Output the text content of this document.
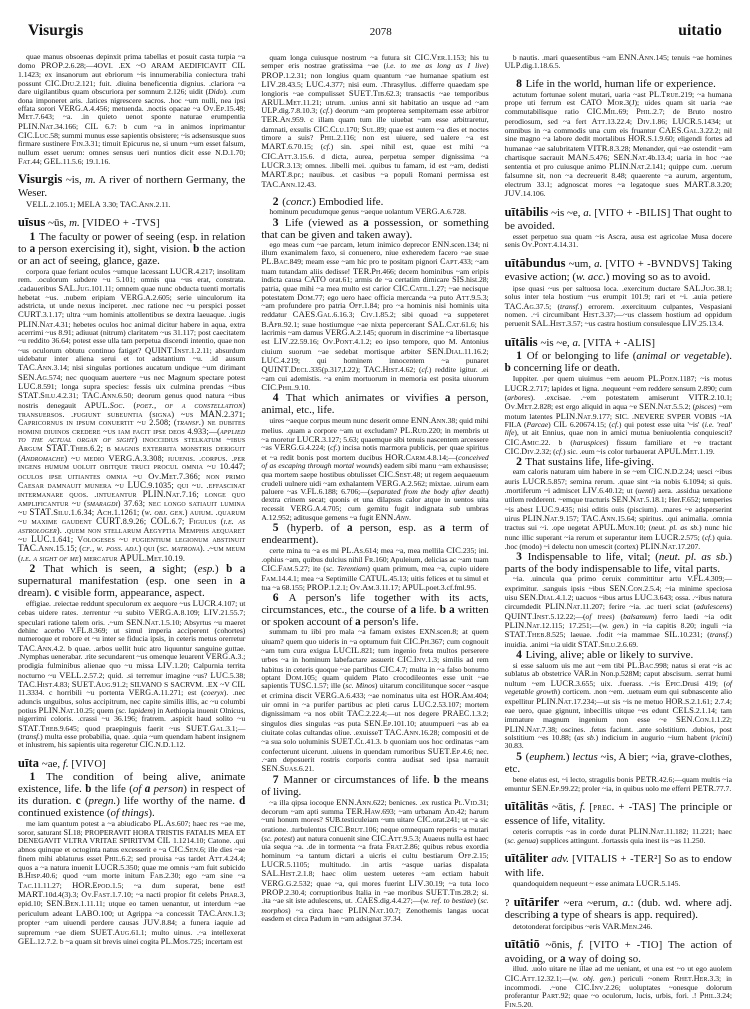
Visurgis	2078	uitatio

quae manus obsoenas depinxit prima tabellas et posuit casta turpia ~a domo PROP.2.6.28;—4OVI. .EX ~O ARAM AEDIFICAVIT CIL 1.1423; ex insanorum aut ebriorum ~is innumerabilia coniectura trahi possunt CIC.Diu.2.121; fuit. .diuina beneficentia dignius. .clariora ~a dare uigilantibus quam obscuriora per somnum 2.126; uidit (Dido). .cum dona imponeret aris. .latices nigrescere sacros. .hoc ~um nulli, nea ipsi effata sorori VERG.A.4.456; metuenda. .noctis opacae ~a Ov.Ep.15.48; Met.7.643; ~a. .in quieto uenot sponte naturae erumpentia PLIN.Nat.34.166; CIL 6.7: b cum ~a in animos inprimantur CIC.Luc.58; summi munus esse sapientis obsistere; ~is adsensusque suos firmare sustinere Fin.3.31; timuit Epicurus ne, si unum ~um esset falsum, nullum esset uerum: omnes sensus ueri nuntios dicit esse N.D.1.70; Fat.44; GEL.11.5.6; 19.1.16.

Visurgis ~is, m. A river of northern Germany, the Weser.

VELL.2.105.1; MELA 3.30; TAC.Ann.2.11.

uīsus ~ūs, m. [VIDEO + -TVS]

1 The faculty or power of seeing (esp. in relation to a person exercising it), sight, vision. b the action or an act of seeing, glance, gaze.

corpora quae feriant oculos ~umque lacessant LUCR.4.217; insolitam rem. .oculorum subdere ~u 5.101; omnis qua ~us erat, constrata. .cadaueribus SAL.Jug.101.11; omnem quae nunc obducta tuenti mortalis hebetat ~us. .nubem eripiam VERG.A.2.605; serie uinculorum ita adstricta, ut unde nexus inciperet. .nec ratione nec ~u perspici posset CURT.3.1.17; ultra ~um hominis attollentibus se dextra laeuaque. .iugis PLIN.Nat.4.31; hebetes oculos hoc animal dicitur habere in aqua, extra acerrimi ~us 8.91; adiuuat (nitrum) claritatem ~us 31.117; post caecitatem ~u reddito 36.64; potest esse ulla tam perpetua discendi intentio, quae non ~us oculorum obtutu continuo fatiget? QUINT.Inst.1.2.11; absurdum uidebatur inter aliena serui et tot adstantium ~u. .id ausum TAC.Ann.3.14; nisi singulas portiones aucatum undique ~um dirimant SEN.Ag.574; nec quoquam auertere ~us nec Magnum spectare potest LUC.8.591; longa supra species: fessis uix culmina prendas ~ibus STAT.Silu.4.2.31; TAC.Ann.6.50; deorum genus quod natura ~ibus nostris denegauit APUL.Soc. (poet., of a constellation) transuersos. .fugiunt subeuntia (signa) ~us MAN.2.371; Capricornus in ipsum conuertit ~u 2.508; (transf.) ne dubites homini diuinos credere ~us iam facit ipse deos 4.933;—(applied to the actual organ of sight) inoccidius stelkatum ~ibus Argum STAT.Theb.6.2; b magnis exterrita monstris deriguit (Andromache) ~u medio VERG.A.3.308; iuuenis. .corpus. .per ingens humum uoluit obitque truci procul omnia ~u 10.447; oculos ipse uitiantes omnia ~u Ov.Met.7.366; non primo Caesar damnauit munera ~u LUC.9.1035; qui ~u. .effascinat intermanare quos. .intueantur PLIN.Nat.7.16; longe quo amplificantur ~u (smaragdi) 37.63; nec longo satiauit lumina ~u STAT.Silu.1.6.34; Ach.1.1261; (w. obj. gen.) auium. .quarum ~u maxime gaudent CURT.8.9.26; COL.6.7; Figulus (i.e. as astrologer). .quem non stellarum Aegyptia Memphis aequaret ~u LUC.1.641; Vologeses ~u fugientium legionum abstinuit TAC.Ann.15.15; (cf., w. poss. adj.) qui (sc. matrona). .~um meum (i.e. a sight of me) mercatur APUL.Met.10.19.

2 That which is seen, a sight; (esp.) b a supernatural manifestation (esp. one seen in a dream). c visible form, appearance, aspect.

effigiae. .reiectae reddunt speculorum ex aequore ~us LUCR.4.107; ut cebas uidere rates. .terrentur ~u subito VERG.A.8.109; LIV.21.55.7; speculari ratione talem oris. .~um SEN.Nat.1.5.10; Absyrtus ~u maeret dehinc acerbo V.FL.8.369; ut simul imperia acciperent (cohortes) numeroque et robore et ~u inter se fiducia ipsis, in ceteris metus orerretur TAC.Ann.4.2. b quae. .arbos uellit huic atro liquuntur sanguine guttae. .Nymphas uenerabar. .rite secundarent ~us omenque leuarent VERG.A.3.; prodigia fulminibus alienae quo ~u missa LIV.1.20; Calpurnia territa nocturno ~u VELL.2.57.2; quid. .si terremur imagine ~us? LUC.5.38; TAC.Hist.4.83; SUET.Aug.91.2; SILVANO S SACRVM. .EX ~V CIL 11.3334. c horribili ~u portenta VERG.A.11.271; est (coeryx). .nec aduncis unguibus, solus accipitrum, nec capite similis illis, ac ~u columbi potius PLIN.Nat.10.25; quem (sc. lapidem) in Aethiopia inuenit Olnicus, nigerrimi coloris. .crassi ~u 36.196; fratrem. .aspicit haud solito ~u STAT.Theb.9.645; quod praepinguis faerit ~us SUET.Gal.3.1;—(transf.) multa esse probabilia, quae. .quia ~um quendam habent insignem et inlustrem, his sapientis uita regeretur CIC.N.D.1.12.

uīta ~ae, f. [VIVO]

1 The condition of being alive, animate existence, life. b the life (of a person) in respect of its duration. c (pregn.) life worthy of the name. d continued existence (of things).

me iam quantum potest a ~a abiudicabo PL.As.607; haec res ~ae me, soror, saturant SI.18; PROPERAVIT HORA TRISTIS FATALIS MEA ET DENEGAVIT VLTRA VRITAE SPIRITVM CIL 1.1214.10; Catone. .qui abnos quinque et octoginta natus excesserit e ~a CIC.Sen.6; ille dies ~ae finem mihi ablaturus esset Phil.6.2; sed prouisa ~as tardet Att.4.24.4; quos a ~a natura inuenit LUCR.5.350; quae me omnis ~am fuit subicido B.Hisp.40.6; quod ~um morte initum Fab.2.30; ego ~am sine ~a Tac.11.11.27; HOR.Epod.1.5; ~a dum superat, bene est! MART.10d.4(3).3; Ov.Fast.1.7.10; ~a nacti propior fit celebs Phar.3, epid.10; SEN.Ben.1.11.11; utque eo tamen uenantur, ut interdum ~ae periculum adeant LABO.100; ut Agrippa ~a concessit TAC.Ann.1.3; propter ~am uiuendi perdere causas JUV.8.84; a funera iaquie ad supremum ~ae diem SUET.Aug.61.1; multo uinus. .~a intellexerat GEL.12.7.2. b ~a quam sit brevis uinei cogita PL.Mos.725; incertam est

quam longa cuiusque nostrum ~a futura sit CIC.Ver.1.153; his tu semper eris nostrae gratissima ~ae (i.e. to me as long as I live) PROP.1.2.31; non longius quam quantum ~ae humanae spatium est LIV.28.43.5; LUC.4.377; nisi eum. .Thrasyllus. .differre quaedam spe longioris ~ae compulisset SUET.Tib.62.3; transactis ~ae temporibus ARUL.Met.11.21; utrum. .unius anni sit habitatio an usque ad ~am ULP.dig.7.8.10.3; (cf.) deorum ~am propterea sempiternam esse arbitror TER.An.959. c illam quam tum ille uiuebat ~am esse arbitraretur, damnati, exsulis CIC.Clu.170; Sul.89; quae est autem ~a dies et noctes timore a suis? Phil.2.116; non est uiuere, sed ualere ~a est MART.6.70.15; (cf.) sin. .spei nihil est, quae est mihi ~a CIC.Att.3.15.6. d dicta, aurea, perpetua semper dignissima ~a LUCR.3.13; omnes. .libelli mei. .quibus tu famam, id est ~am, dedisti MART.8.pr.; nauibus. .et casibus ~a populi Romani permissa est TAC.Ann.12.43.

2 (concr.) Embodied life.

hominum pecudumque genus ~aeque uolantum VERG.A.6.728.

3 Life (viewed as a possession, or something that can be given and taken away).

ego meas cum ~ae parcam, letum inimico deprecor ENN.scen.134; ni illum exanimalem faxo, si conuenero, niue exheredem facero ~ae suae PL.Bac.849; meam esse ~am hic pro te positam pignori Capt.433; ~am tuam tutandam aliis dedisse! TER.Ph.466; decem hominibus ~am eripis indicta causa CATO orat.61; armis de ~a certatim dimicare SIS.hist.28; patria, quae mihi ~a mea multo est carior CIC.Catil.1.27; ~ae necisque potestatem Dom.77; ego uero haec officia mercanda ~a puto Att.9.5.3; ~am profundere pro patria Off.1.84; pro ~a hominis nisi hominis uita reddatur CAES.Gal.6.16.3; Civ.1.85.2; sibi quoad ~a suppeteret B.Afr.92.1; suae hostiumque ~ae nixta pepercerant SAL.Cat.61.6; his lacrimis ~am damus VERG.A.2.145; quorum in discrimine ~a libertasque est LIV.22.59.16; Ov.Pont.4.1.2; eo ipso tempore, quo M. Antonius ciuium suorum ~ae sedebat mortisque arbiter SEN.Dial.11.16.2; LUC.4.219; qui hominem innocentem ~a punaret QUINT.Decl.335(p.317,L22); TAC.Hist.4.62; (cf.) reddite igitur. .ei ~am cui ademistis. ~a enim mortuorum in memoria est posita uiuorum CIC.Phil.9.10.

4 That which animates or vivifies a person, animal, etc., life.

uires ~aeque corpus meum nunc deserit omne ENN.Ann.38; quid mihi melius. .quam a corpore ~am ut excludam? PL.Rud.220; in membris ut ~a moretur LUCR.3.127; 5.63; quaemque sibi tenuis nascentem arcessere ~as VERG.G.4.224; (cf.) incisa notis marmora publicis, per quae spiritus et ~a redit bonis post mortem ducibus HOR.Carm.4.8.14;—(conceived of as escaping through mortal wounds) eadem sibi manu ~am exhausisse; qua mortem saepe hostibus obtulisset CIC.Sest.48; ut regem aequaeuum crudeli uulnere uidi ~am exhalantem VERG.A.2.562; mixtae. .uirum eam paluere ~as V.FL.6.188; 6.706;—(separated from the body after death) dextra crinem secat; quonis et una dilapsus calor atque in uentos uita recessit VERG.A.4.705; cum gemitu fugit indignata sub umbras A.12.952; aditusque gemens ~a fugit ENN.Ann.

5 (hyperb. of a person, esp. as a term of endearment).

certe mina tu ~a es mi PL.As.614; mea ~a, mea mellila CIC.235; ini. .ophius ~am, quibus dulcius nihil Fr.160; Apuleium, delicias ac ~am tuam CIC.Fam.5.27; ite (sc. Terentiam) quam primum, mea ~a, cupio uidere Fam.14.4.1; mea ~a Septimille CATUL.45.13; uitis felices et tu simul et tua ~a 68.155; PROP.1.2.1; Ov.Am.3.11.17; APUL.poet.3.cf.fml.95.

6 A person's life together with its acts, circumstances, etc., the course of a life. b a written or spoken account of a person's life.

summam tu iibi pro mala ~a famam existes EXN.scen.8; at quem uiuam? quem quo uideris in ~a optumum fuit CIC.Ph.367; cum cognouit ~am tum cura exigua LUCIL.821; tum ingenio freta multos perserere urbes ~a in hominum labefactare assuerit CIC.Inv.1.3; similis ad rem habitus in ceteris quoque ~ae partibus CIC.4.7; multa in ~a falso bonumo optant Dom.105; quam quidem Plato crocodileontes esse unit ~ae sapientis TUSC.1.57; ille (sc. Minos) uitarum concilitunque socer ~asque et crimina discit VERG.A.6.433; ~ae nominatus uita est HOR.Am.404; uir omni in ~a purifer partibus ac pleti carus LUC.2.53.107; mortem dignissimam ~a nos obiit TAC.2.22.4;—ut nos degere PRAEC.1.3.2; singulos dies singulas ~as puta SEN.Ep.101.10; atuumpueri ~as ab ea ciuitate colas cultandas oliue. .exuisseT TAC.Ann.16.28; compositi et de ~a sua solo uoluminis SUET.Cl.41.3. b quoniam uos hoc ordinatas ~am confecterunt uicerunt. .uiuens in quendam rumoribus SUET.Ep.4.6; nec. .~am deposuerit rostris corporis contra audisat sed ipsa narrauit SEN.Suas.6.21.

7 Manner or circumstances of life. b the means of living.

~a illa qipsa iocoque ENN.Ann.622; benicnes. .ex rustica Pl.Vid.31; decorum ~am apti summa TER.Haw.693; ~am urbanam Ad.42; harum ~uni honum mores? SUB.testiculeiam ~um uitare CIC.orat.241; ut ~a sic oratione. .turbulentus CIC.Brut.106; neque omnequam reperis ~a mutari (sc. potest) aut natura conuenit sine CIC.Att.9.5.3; Auaeus nulla est haec uia sequa ~a. .de in tormenta ~a frata Frat.2.86; quibus rebus exordia hominum ~a tantum dictari a uicris ei cultu bestiarum Off.2.15; LUCR.5.1105; multitudo. .in artis ~asque uarias dispalata SAL.Hist.2.1.8; haec olim uestem ueteres ~am ectiam habuit VERG.G.2.532; quae ~a, qui mores fuerint LIV.30.19; ~a tuta loco PROP.2.30.4; corruptioribus Italia in ~ae moribus SUET.Tib.28.2; si. .ita ~ae sit iste adulescens, ut. .CAES.dig.4.4.27;—(w. ref. to bestiae) (sc. morphos) ~a circa haec PLIN.Nat.10.7; Zenothemis langas uocat easdem et circa Padum in ~am adsignat 37.34.

b nautis. .mari quaesentibus ~am ENN.Ann.145; tenuis ~ae homines ULP.dig.1.18.6.5.

8 Life in the world, human life or experience.

actutum fortunae solent mutari, uaria ~ast PL.True.219; ~a humana prope uti ferrum est CATO Mor.3(J); uides quam sit uaria ~ae commutabilisque ratio CIC.Mil.69; Phil.2.7; de Bruto nostro perodiosum, sed ~a fert Att.13.22.4; Div.1.86; LUCR.5.1434; ut omnibus in ~a commodis una cum eis fruantur CAES.Gal.3.22.2; nil sine magno ~a labore dedit mortalibus HOR.S.1.9.60; eligendi fortes ad humanae ~ae salubritatem VITR.8.3.28; Menander, qui ~ae ostendit ~am chartisque sacrauit MAN.5.476; SEN.Nat.4b.13.4; uaria in hoc ~ae sententia et pro cuiusque animo PLIN.Nat.2.141; quippe cum. .uerum falsumne sit, non ~a decreuerit 8.48; quaerente ~a aurum, argentum, electrum 33.1; adgnoscat mores ~a legatoque sues MART.8.3.20; JUV.14.106.

uītābilis ~is ~e, a. [VITO + -BILIS] That ought to be avoided.

esset perpetuo sua quam ~is Ascra, ausa est agricolae Musa docere senis Ov.Pont.4.14.31.

uītābundus ~um, a. [VITO + -BVNDVS] Taking evasive action; (w. acc.) moving so as to avoid.

ipse quasi ~us per saltuosa loca. .exercitum ductare SAL.Jug.38.1; solus inter tela hostium ~us erumpit 101.9; rari et ~i. .auia petiere TAC.Ag.37.5; (transf.) errorem. .exercituum culpantes, Vespasiani nomen. .~i circumibant Hist.3.37;—~us classem hostium ad oppidum peruenit SAL.Hist.3.57; ~us castra hostium consulesque LIV.25.13.4.

uītālis ~is ~e, a. [VITA + -ALIS]

1 Of or belonging to life (animal or vegetable). b concerning life or death.

Iuppiter. .per quem uiuimus ~em aeuom PL.Poen.1187; ~is motus LUCR.2.717; lapides et ligna. .nequeunt ~em reddere sensum 2.890; cum (arbores). .excisae. .~em potestatem amiserunt VITR.2.10.1; Ov.Met.2.828; est ergo aliquid in aqua ~e SEN.Nat.5.5.2; (pisces) ~em motum latentes PLIN.Nat.9.177; SIC. .NEVERE SVPER VOBIS ~IA FILA (Parcae) CIL 6.20674.15; (cf.) qui potest esse uita '~is' (i.e. 'real' life), ut ait Ennius, quae non in amici mutua beniuolentia conquiescit? CIC.Amic.22. b (haruspices) fissum familiare et ~e tractant CIC.Div.2.32; (cf.) sic. .eum ~is color turbauerat APUL.Met.1.19.

2 That sustains life, life-giving.

eam caloris naturam uim habere in se ~em CIC.N.D.2.24; uesci ~ibus auris LUCR.5.857; semina rerum. .quae sint ~ia nobis 6.1094; si quis. .mortiferum ~i admiscet LIV.6.40.12; ut (uenti) aera. .assidua uexatione utilem redderent. ~emque tracturis SEN.Nat.5.18.1; Her.F.652; temperies ~is abest LUC.9.435; nisi editis ouis (piscium). .mares ~e adsperserint uirus PLIN.Nat.9.157; TAC.Ann.15.64; spiritus. .qui animalia. .omnia tractus sui ~i. .ope uegetat APUL.Mun.10; (neut. pl. as sb.) nunc hic nunc illic superant ~ia rerum et superantur item LUCR.2.575; (cf.) quia. .hoc (modo) ~i delectu non umescit (cortex) PLIN.Nat.17.207.

3 Indispensable to life, vital; (neut. pl. as sb.) parts of the body indispensable to life, vital parts.

~ia. .uincula qua primo ceruix committitur artu V.FL.4.309;—exprimitur. .sanguis ipsis ~ibus SEN.Con.2.5.4; ~ia minime speciosa uisu SEN.Dial.4.1.2; uacuos ~ibus artus LUC.3.643; ossa. .~ibus natura circumdedit PLIN.Nat.11.207; ferire ~ia. .ac tueri sciat (adulescens) QUINT.Inst.5.12.22;—(of trees) (balsamum) ferro laedi ~ia odit PLIN.Nat.12.115; 17.251;—(w. gen.) in ~ia capitis 8.20; inguli ~ia STAT.Theb.8.525; laeuae. .fodit ~ia mammae SIL.10.231; (transf.) inuidia. .animi ~ia uidit STAT.Silu.2.6.69.

4 Living, alive; able or likely to survive.

si esse saluom uis me aut ~em tibi PL.Bac.998; natus si erat ~is ac sublatus ab obstetrice VAR.in Non.p.528M; caput abscisum. .serrat humi nultum ~em LUCR.3.655; uix. .fuerass. .~is Epic.Drusi 419; (of vegetable growth) corticem. .non ~em. .uetuam eum qui subnascente alio expellitur PLIN.Nat.17.234;—ut sis ~is ne metuo HOR.S.2.1.61; 2.7.4; eae uero, quae gignunt, inbecillis uitque ~es edunt CELS.2.1.14; tam immature magnum ingenium non esse ~e SEN.Con.1.1.22; PLIN.Nat.7.38; oscines. .fetus faciunt. .ante solstitium. .dubios, post solstitium ~es 10.88; (as sb.) indicium in augurio ~ium habent (ricini) 30.83.

5 (euphem.) lectus ~is, A bier; ~ia, grave-clothes, etc.

bene elatus est, ~i lecto, stragulis bonis PETR.42.6;—quam multis ~ia emuntur SEN.Ep.99.22; proler ~ia, in quibus uolo me efferri PETR.77.7.

uītālitās ~ātis, f. [prec. + -TAS] The principle or essence of life, vitality.

ceteris corruptis ~as in corde durat PLIN.Nat.11.182; 11.221; haec (sc. genua) supplices attingunt. .fortassis quia inest iis ~as 11.250.

uītāliter adv. [VITALIS + -TER²] So as to endow with life.

quandoquidem nequeunt ~ esse animata LUCR.5.145.

? uītārifer ~era ~erum, a.: (dub. wd. where adj. describing a type of shears is app. required).

detotonderat forcipibus ~eris VAR.Men.246.

uītātiō ~ōnis, f. [VITO + -TIO] The action of avoiding, or a way of doing so.

illud. .uolo uitare ne illae ad me ueniant, et una est ~o ut ego auolem CIC.Att.12.32.1;—(w. obj. gen.) periculi ~onem Rhet.Her.3.3; in incommodi. .~one CIC.Inv.2.26; uoluptates ~onesque dolorum proferantur Part.92; quae ~o oculorum, lucis, urbis, fori. .! Phil.3.24; Fin.5.20.
